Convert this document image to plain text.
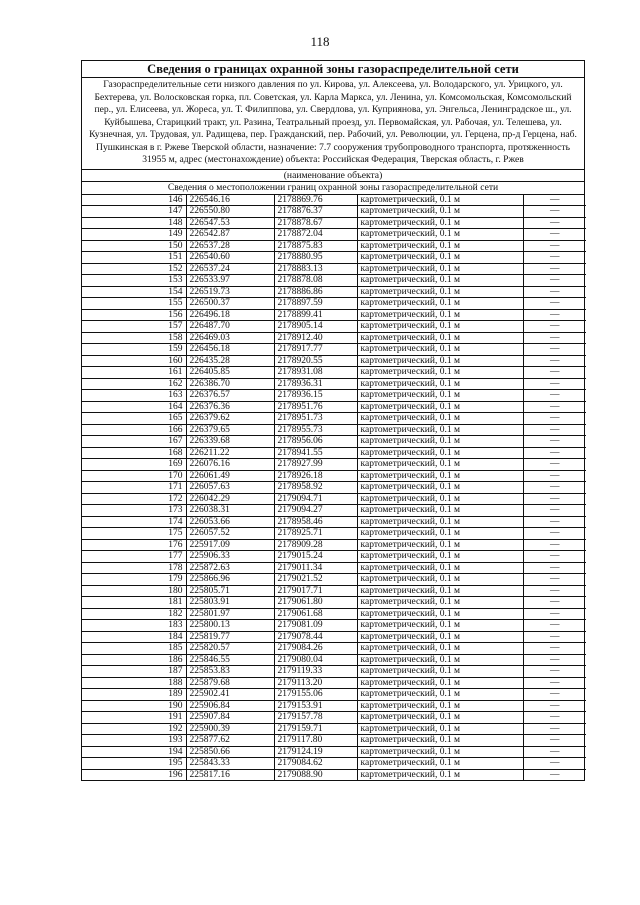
118
Сведения о границах охранной зоны газораспределительной сети
Газораспределительные сети низкого давления по ул. Кирова, ул. Алексеева, ул. Володарского, ул. Урицкого, ул. Бехтерева, ул. Волосковская горка, пл. Советская, ул. Карла Маркса, ул. Ленина, ул. Комсомольская, Комсомольский пер., ул. Елисеева, ул. Жореса, ул. Т. Филиппова, ул. Свердлова, ул. Куприянова, ул. Энгельса, Ленинградское ш., ул. Куйбышева, Старицкий тракт, ул. Разина, Театральный проезд, ул. Первомайская, ул. Рабочая, ул. Телешева, ул. Кузнечная, ул. Трудовая, ул. Радищева, пер. Гражданский, пер. Рабочий, ул. Революции, ул. Герцена, пр-д Герцена, наб. Пушкинская в г. Ржеве Тверской области, назначение: 7.7 сооружения трубопроводного транспорта, протяженность 31955 м, адрес (местонахождение) объекта: Российская Федерация, Тверская область, г. Ржев
(наименование объекта)
Сведения о местоположении границ охранной зоны газораспределительной сети
146	226546.16	2178869.76	картометрический, 0.1 м	—
147	226550.80	2178876.37	картометрический, 0.1 м	—
148	226547.53	2178878.67	картометрический, 0.1 м	—
149	226542.87	2178872.04	картометрический, 0.1 м	—
150	226537.28	2178875.83	картометрический, 0.1 м	—
151	226540.60	2178880.95	картометрический, 0.1 м	—
152	226537.24	2178883.13	картометрический, 0.1 м	—
153	226533.97	2178878.08	картометрический, 0.1 м	—
154	226519.73	2178886.86	картометрический, 0.1 м	—
155	226500.37	2178897.59	картометрический, 0.1 м	—
156	226496.18	2178899.41	картометрический, 0.1 м	—
157	226487.70	2178905.14	картометрический, 0.1 м	—
158	226469.03	2178912.40	картометрический, 0.1 м	—
159	226456.18	2178917.77	картометрический, 0.1 м	—
160	226435.28	2178920.55	картометрический, 0.1 м	—
161	226405.85	2178931.08	картометрический, 0.1 м	—
162	226386.70	2178936.31	картометрический, 0.1 м	—
163	226376.57	2178936.15	картометрический, 0.1 м	—
164	226376.36	2178951.76	картометрический, 0.1 м	—
165	226379.62	2178951.73	картометрический, 0.1 м	—
166	226379.65	2178955.73	картометрический, 0.1 м	—
167	226339.68	2178956.06	картометрический, 0.1 м	—
168	226211.22	2178941.55	картометрический, 0.1 м	—
169	226076.16	2178927.99	картометрический, 0.1 м	—
170	226061.49	2178926.18	картометрический, 0.1 м	—
171	226057.63	2178958.92	картометрический, 0.1 м	—
172	226042.29	2179094.71	картометрический, 0.1 м	—
173	226038.31	2179094.27	картометрический, 0.1 м	—
174	226053.66	2178958.46	картометрический, 0.1 м	—
175	226057.52	2178925.71	картометрический, 0.1 м	—
176	225917.09	2178909.28	картометрический, 0.1 м	—
177	225906.33	2179015.24	картометрический, 0.1 м	—
178	225872.63	2179011.34	картометрический, 0.1 м	—
179	225866.96	2179021.52	картометрический, 0.1 м	—
180	225805.71	2179017.71	картометрический, 0.1 м	—
181	225803.91	2179061.80	картометрический, 0.1 м	—
182	225801.97	2179061.68	картометрический, 0.1 м	—
183	225800.13	2179081.09	картометрический, 0.1 м	—
184	225819.77	2179078.44	картометрический, 0.1 м	—
185	225820.57	2179084.26	картометрический, 0.1 м	—
186	225846.55	2179080.04	картометрический, 0.1 м	—
187	225853.83	2179119.33	картометрический, 0.1 м	—
188	225879.68	2179113.20	картометрический, 0.1 м	—
189	225902.41	2179155.06	картометрический, 0.1 м	—
190	225906.84	2179153.91	картометрический, 0.1 м	—
191	225907.84	2179157.78	картометрический, 0.1 м	—
192	225900.39	2179159.71	картометрический, 0.1 м	—
193	225877.62	2179117.80	картометрический, 0.1 м	—
194	225850.66	2179124.19	картометрический, 0.1 м	—
195	225843.33	2179084.62	картометрический, 0.1 м	—
196	225817.16	2179088.90	картометрический, 0.1 м	—
